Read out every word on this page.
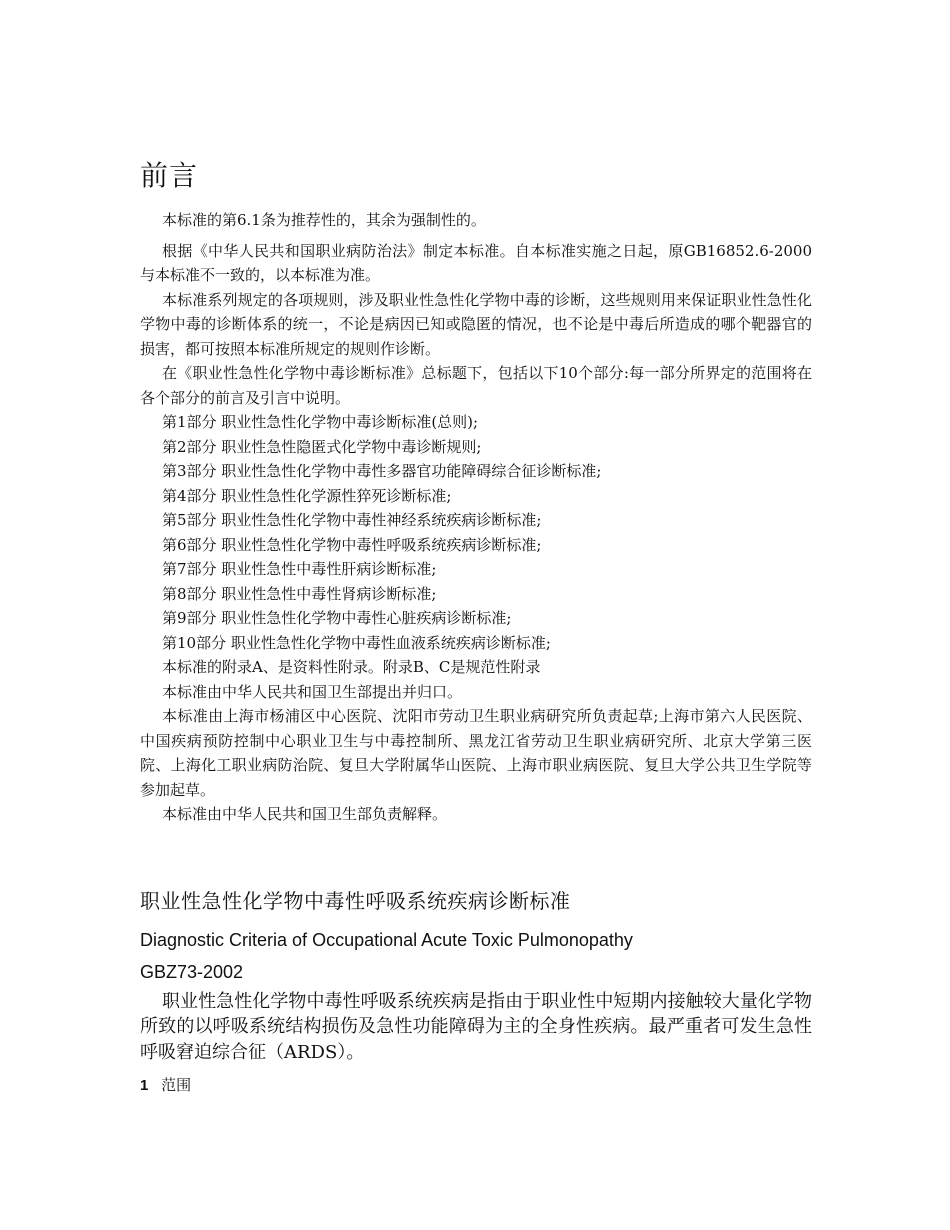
前言

本标准的第6.1条为推荐性的，其余为强制性的。

根据《中华人民共和国职业病防治法》制定本标准。自本标准实施之日起，原GB16852.6-2000与本标准不一致的，以本标准为准。

本标准系列规定的各项规则，涉及职业性急性化学物中毒的诊断，这些规则用来保证职业性急性化学物中毒的诊断体系的统一，不论是病因已知或隐匿的情况，也不论是中毒后所造成的哪个靶器官的损害，都可按照本标准所规定的规则作诊断。

在《职业性急性化学物中毒诊断标准》总标题下，包括以下10个部分:每一部分所界定的范围将在各个部分的前言及引言中说明。

第1部分 职业性急性化学物中毒诊断标准(总则);

第2部分 职业性急性隐匿式化学物中毒诊断规则;

第3部分 职业性急性化学物中毒性多器官功能障碍综合征诊断标准;

第4部分 职业性急性化学源性猝死诊断标准;

第5部分 职业性急性化学物中毒性神经系统疾病诊断标准;

第6部分 职业性急性化学物中毒性呼吸系统疾病诊断标准;

第7部分 职业性急性中毒性肝病诊断标准;

第8部分 职业性急性中毒性肾病诊断标准;

第9部分 职业性急性化学物中毒性心脏疾病诊断标准;

第10部分 职业性急性化学物中毒性血液系统疾病诊断标准;

本标准的附录A、是资料性附录。附录B、C是规范性附录

本标准由中华人民共和国卫生部提出并归口。

本标准由上海市杨浦区中心医院、沈阳市劳动卫生职业病研究所负责起草;上海市第六人民医院、中国疾病预防控制中心职业卫生与中毒控制所、黑龙江省劳动卫生职业病研究所、北京大学第三医院、上海化工职业病防治院、复旦大学附属华山医院、上海市职业病医院、复旦大学公共卫生学院等参加起草。

本标准由中华人民共和国卫生部负责解释。

职业性急性化学物中毒性呼吸系统疾病诊断标准
Diagnostic Criteria of Occupational Acute Toxic Pulmonopathy
GBZ73-2002

职业性急性化学物中毒性呼吸系统疾病是指由于职业性中短期内接触较大量化学物所致的以呼吸系统结构损伤及急性功能障碍为主的全身性疾病。最严重者可发生急性呼吸窘迫综合征（ARDS）。

1 范围
